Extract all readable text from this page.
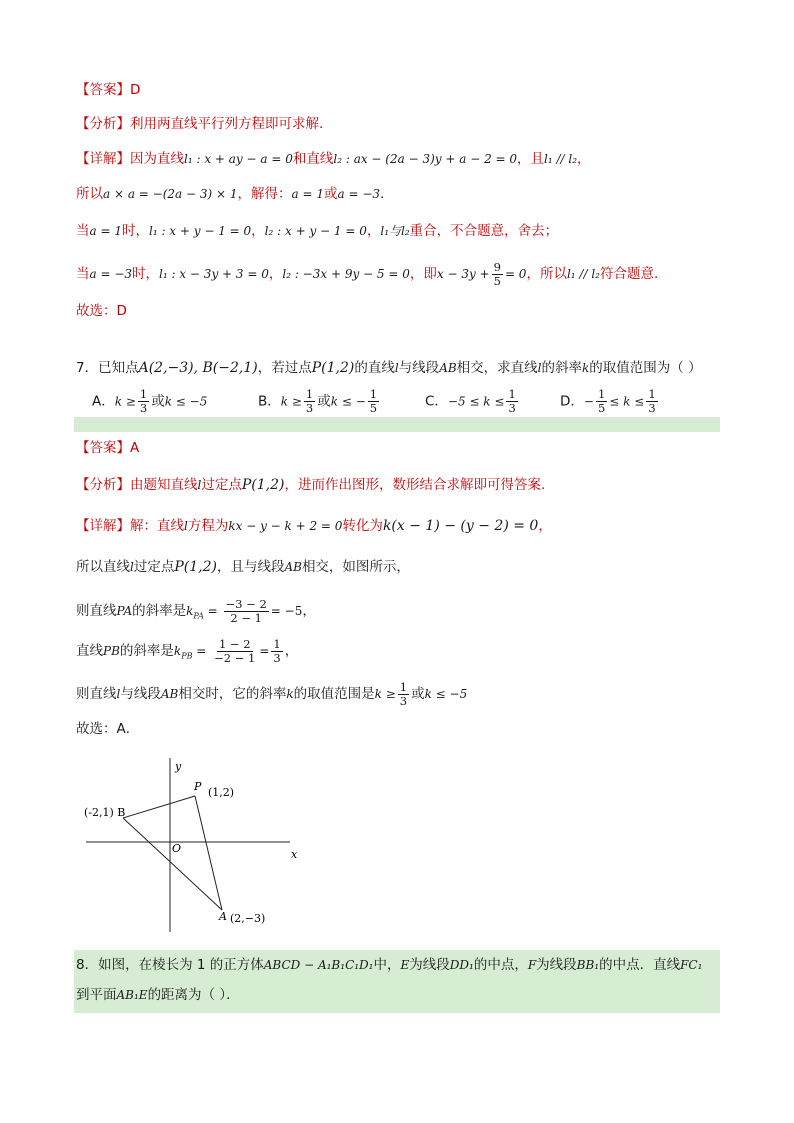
【答案】D
【分析】利用两直线平行列方程即可求解.
【详解】因为直线l₁ : x + ay − a = 0和直线l₂ : ax − (2a − 3)y + a − 2 = 0，且l₁ // l₂，
所以a × a = −(2a − 3) × 1，解得：a = 1或a = −3.
当a = 1时，l₁ : x + y − 1 = 0，l₂ : x + y − 1 = 0，l₁与l₂重合，不合题意，舍去；
当a = −3时，l₁ : x − 3y + 3 = 0，l₂ : −3x + 9y − 5 = 0，即$x - 3y + \frac{9}{5} = 0$，所以l₁ // l₂符合题意.
故选：D
7．已知点A(2,−3), B(−2,1)，若过点P(1,2)的直线l与线段AB相交，求直线l的斜率k的取值范围为（ ）
A．$k \ge \frac{1}{3}$ 或k ≤ −5	B．$k \ge \frac{1}{3}$ 或k ≤ − $\frac{1}{5}$	C．$-5 \le k \le \frac{1}{3}$	D．− $\frac{1}{5} \le k \le \frac{1}{3}$
【答案】A
【分析】由题知直线l过定点P(1,2)，进而作出图形，数形结合求解即可得答案.
【详解】解：直线l方程为kx − y − k + 2 = 0转化为k(x − 1) − (y − 2) = 0，
所以直线l过定点P(1,2)，且与线段AB相交，如图所示，
则直线PA的斜率是$k_{PA} = \frac{-3 - 2}{2 - 1} = -5$，
直线PB的斜率是$k_{PB} = \frac{1 - 2}{-2 - 1} = \frac{1}{3}$ ，
则直线l与线段AB相交时，它的斜率k的取值范围是$k \ge \frac{1}{3}$ 或k ≤ −5
故选：A．
y
x
O
(-2,1) B
P (1,2)
A (2,−3)
8．如图，在棱长为 1 的正方体ABCD − A₁B₁C₁D₁中，E为线段DD₁的中点，F为线段BB₁的中点．直线FC₁
到平面AB₁E的距离为（ ）．
